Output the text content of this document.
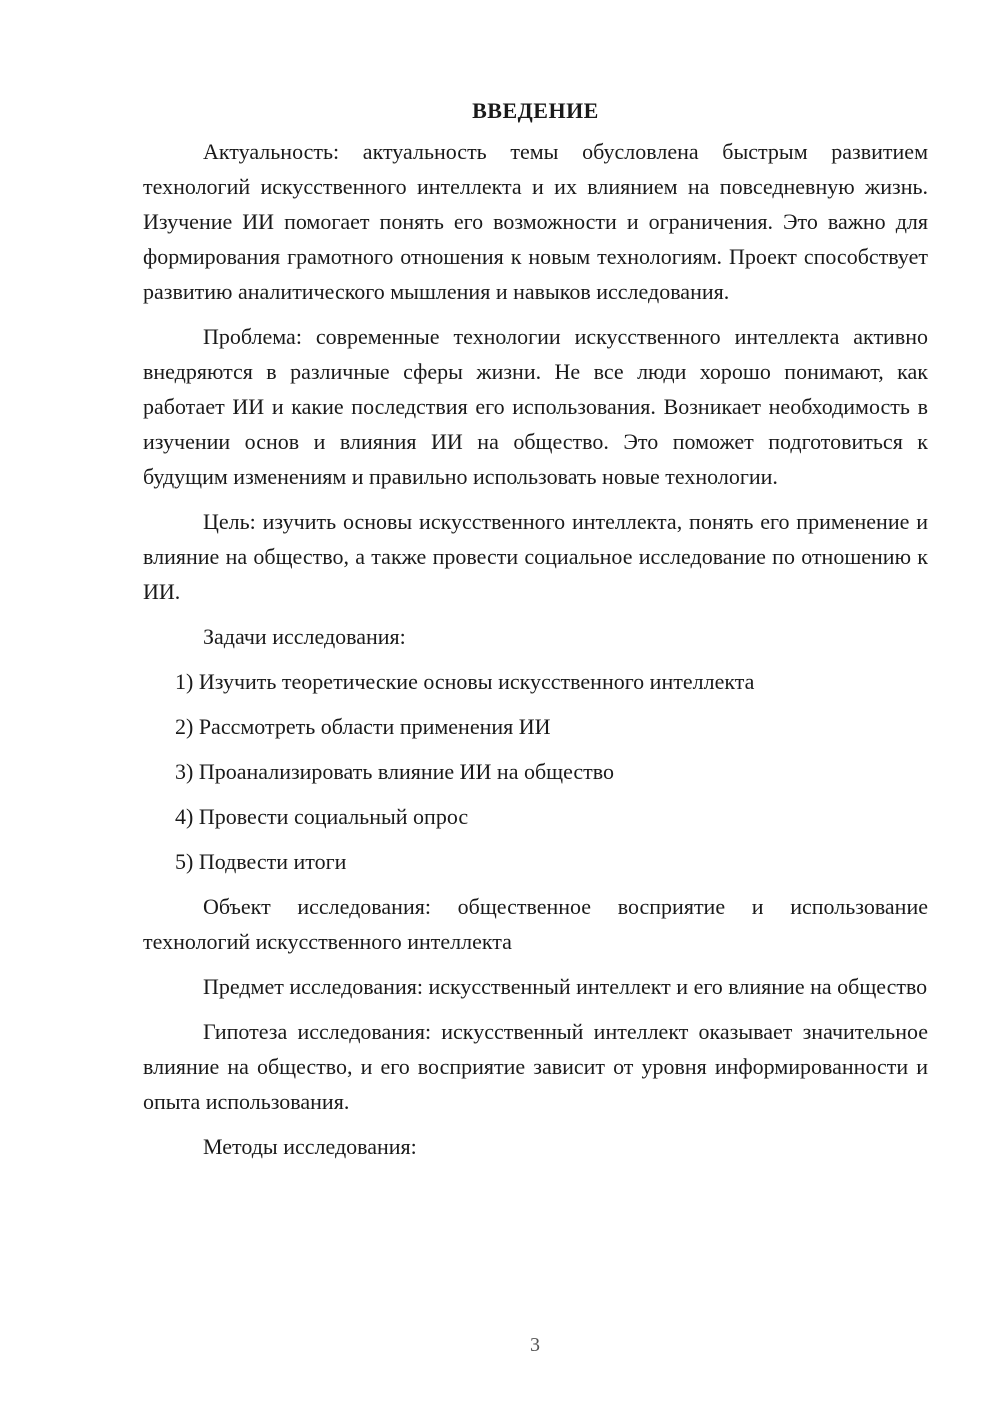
ВВЕДЕНИЕ

Актуальность: актуальность темы обусловлена быстрым развитием технологий искусственного интеллекта и их влиянием на повседневную жизнь. Изучение ИИ помогает понять его возможности и ограничения. Это важно для формирования грамотного отношения к новым технологиям. Проект способствует развитию аналитического мышления и навыков исследования.

Проблема: современные технологии искусственного интеллекта активно внедряются в различные сферы жизни. Не все люди хорошо понимают, как работает ИИ и какие последствия его использования. Возникает необходимость в изучении основ и влияния ИИ на общество. Это поможет подготовиться к будущим изменениям и правильно использовать новые технологии.

Цель: изучить основы искусственного интеллекта, понять его применение и влияние на общество, а также провести социальное исследование по отношению к ИИ.

Задачи исследования:

1) Изучить теоретические основы искусственного интеллекта
2) Рассмотреть области применения ИИ
3) Проанализировать влияние ИИ на общество
4) Провести социальный опрос
5) Подвести итоги

Объект исследования: общественное восприятие и использование технологий искусственного интеллекта

Предмет исследования: искусственный интеллект и его влияние на общество

Гипотеза исследования: искусственный интеллект оказывает значительное влияние на общество, и его восприятие зависит от уровня информированности и опыта использования.

Методы исследования:

3
